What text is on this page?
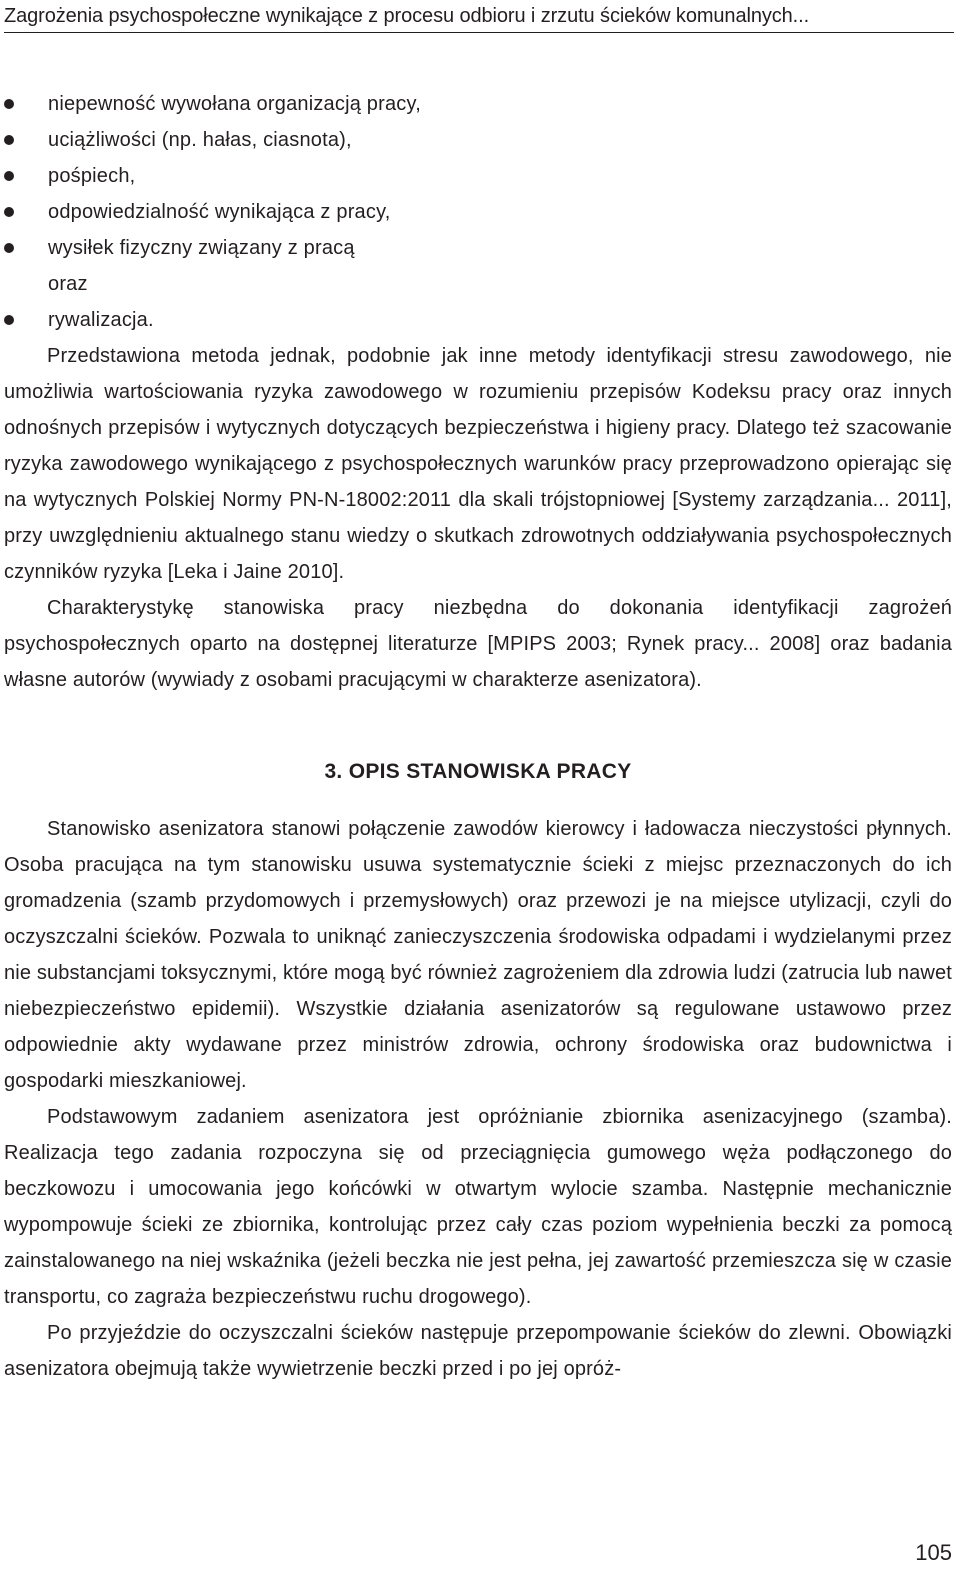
Zagrożenia psychospołeczne wynikające z procesu odbioru i zrzutu ścieków komunalnych...
niepewność wywołana organizacją pracy,
uciążliwości (np. hałas, ciasnota),
pośpiech,
odpowiedzialność wynikająca z pracy,
wysiłek fizyczny związany z pracą
oraz
rywalizacja.

Przedstawiona metoda jednak, podobnie jak inne metody identyfikacji stresu zawodowego, nie umożliwia wartościowania ryzyka zawodowego w rozumieniu przepisów Kodeksu pracy oraz innych odnośnych przepisów i wytycznych dotyczących bezpieczeństwa i higieny pracy. Dlatego też szacowanie ryzyka zawodowego wynikającego z psychospołecznych warunków pracy przeprowadzono opierając się na wytycznych Polskiej Normy PN-N-18002:2011 dla skali trójstopniowej [Systemy zarządzania... 2011], przy uwzględnieniu aktualnego stanu wiedzy o skutkach zdrowotnych oddziaływania psychospołecznych czynników ryzyka [Leka i Jaine 2010].

Charakterystykę stanowiska pracy niezbędna do dokonania identyfikacji zagrożeń psychospołecznych oparto na dostępnej literaturze [MPIPS 2003; Rynek pracy... 2008] oraz badania własne autorów (wywiady z osobami pracującymi w charakterze asenizatora).

3. OPIS STANOWISKA PRACY

Stanowisko asenizatora stanowi połączenie zawodów kierowcy i ładowacza nieczystości płynnych. Osoba pracująca na tym stanowisku usuwa systematycznie ścieki z miejsc przeznaczonych do ich gromadzenia (szamb przydomowych i przemysłowych) oraz przewozi je na miejsce utylizacji, czyli do oczyszczalni ścieków. Pozwala to uniknąć zanieczyszczenia środowiska odpadami i wydzielanymi przez nie substancjami toksycznymi, które mogą być również zagrożeniem dla zdrowia ludzi (zatrucia lub nawet niebezpieczeństwo epidemii). Wszystkie działania asenizatorów są regulowane ustawowo przez odpowiednie akty wydawane przez ministrów zdrowia, ochrony środowiska oraz budownictwa i gospodarki mieszkaniowej.

Podstawowym zadaniem asenizatora jest opróżnianie zbiornika asenizacyjnego (szamba). Realizacja tego zadania rozpoczyna się od przeciągnięcia gumowego węża podłączonego do beczkowozu i umocowania jego końcówki w otwartym wylocie szamba. Następnie mechanicznie wypompowuje ścieki ze zbiornika, kontrolując przez cały czas poziom wypełnienia beczki za pomocą zainstalowanego na niej wskaźnika (jeżeli beczka nie jest pełna, jej zawartość przemieszcza się w czasie transportu, co zagraża bezpieczeństwu ruchu drogowego).

Po przyjeździe do oczyszczalni ścieków następuje przepompowanie ścieków do zlewni. Obowiązki asenizatora obejmują także wywietrzenie beczki przed i po jej opróż-

105
